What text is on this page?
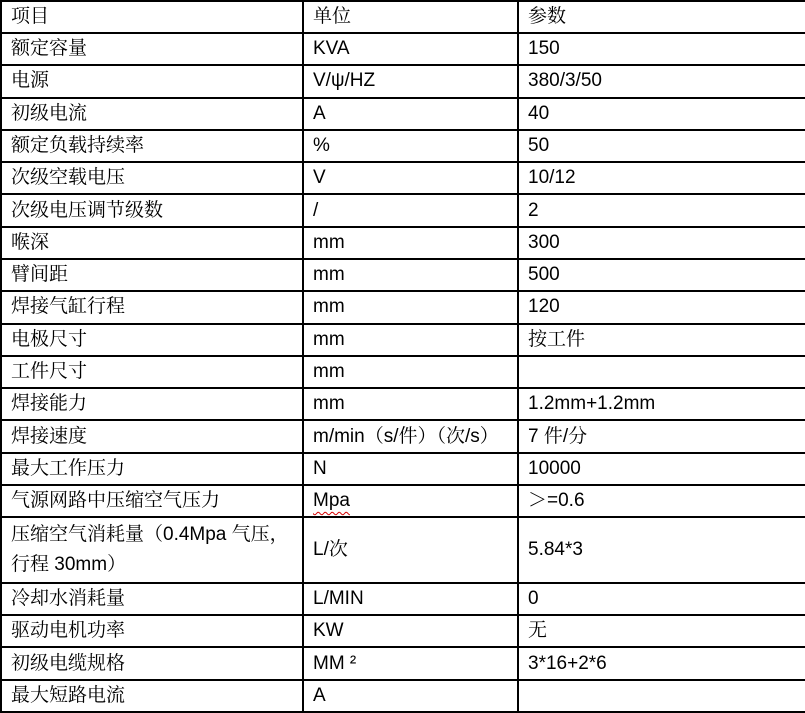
项目	单位	参数
额定容量	KVA	150
电源	V/ψ/HZ	380/3/50
初级电流	A	40
额定负载持续率	%	50
次级空载电压	V	10/12
次级电压调节级数	/	2
喉深	mm	300
臂间距	mm	500
焊接气缸行程	mm	120
电极尺寸	mm	按工件
工件尺寸	mm	
焊接能力	mm	1.2mm+1.2mm
焊接速度	m/min（s/件）（次/s）	7 件/分
最大工作压力	N	10000
气源网路中压缩空气压力	Mpa	＞=0.6
压缩空气消耗量（0.4Mpa 气压，行程 30mm）	L/次	5.84*3
冷却水消耗量	L/MIN	0
驱动电机功率	KW	无
初级电缆规格	MM ²	3*16+2*6
最大短路电流	A	
